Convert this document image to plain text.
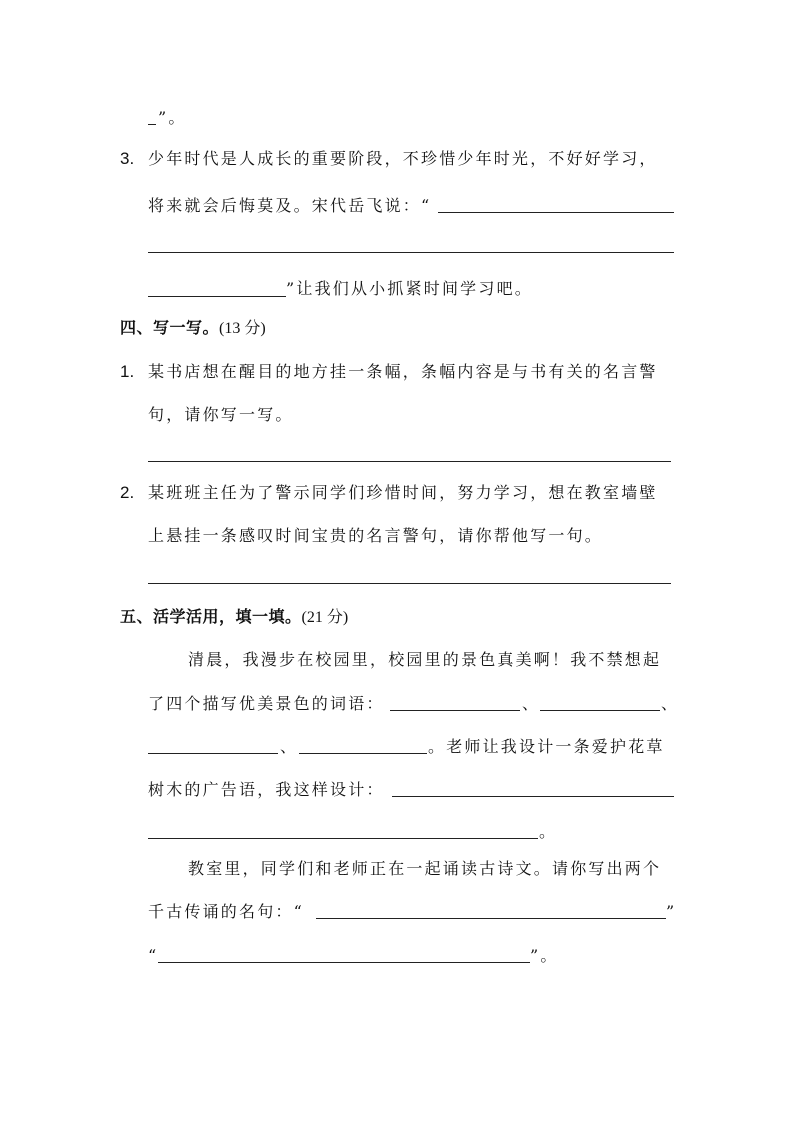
”。
3. 少年时代是人成长的重要阶段，不珍惜少年时光，不好好学习，
将来就会后悔莫及。宋代岳飞说：“
”让我们从小抓紧时间学习吧。
四、写一写。(13 分)
1. 某书店想在醒目的地方挂一条幅，条幅内容是与书有关的名言警
句，请你写一写。
2. 某班班主任为了警示同学们珍惜时间，努力学习，想在教室墙壁
上悬挂一条感叹时间宝贵的名言警句，请你帮他写一句。
五、活学活用，填一填。(21 分)
清晨，我漫步在校园里，校园里的景色真美啊！我不禁想起
了四个描写优美景色的词语：	、	、
、	。老师让我设计一条爱护花草
树木的广告语，我这样设计：
。
教室里，同学们和老师正在一起诵读古诗文。请你写出两个
千古传诵的名句：“	”
“	”。
